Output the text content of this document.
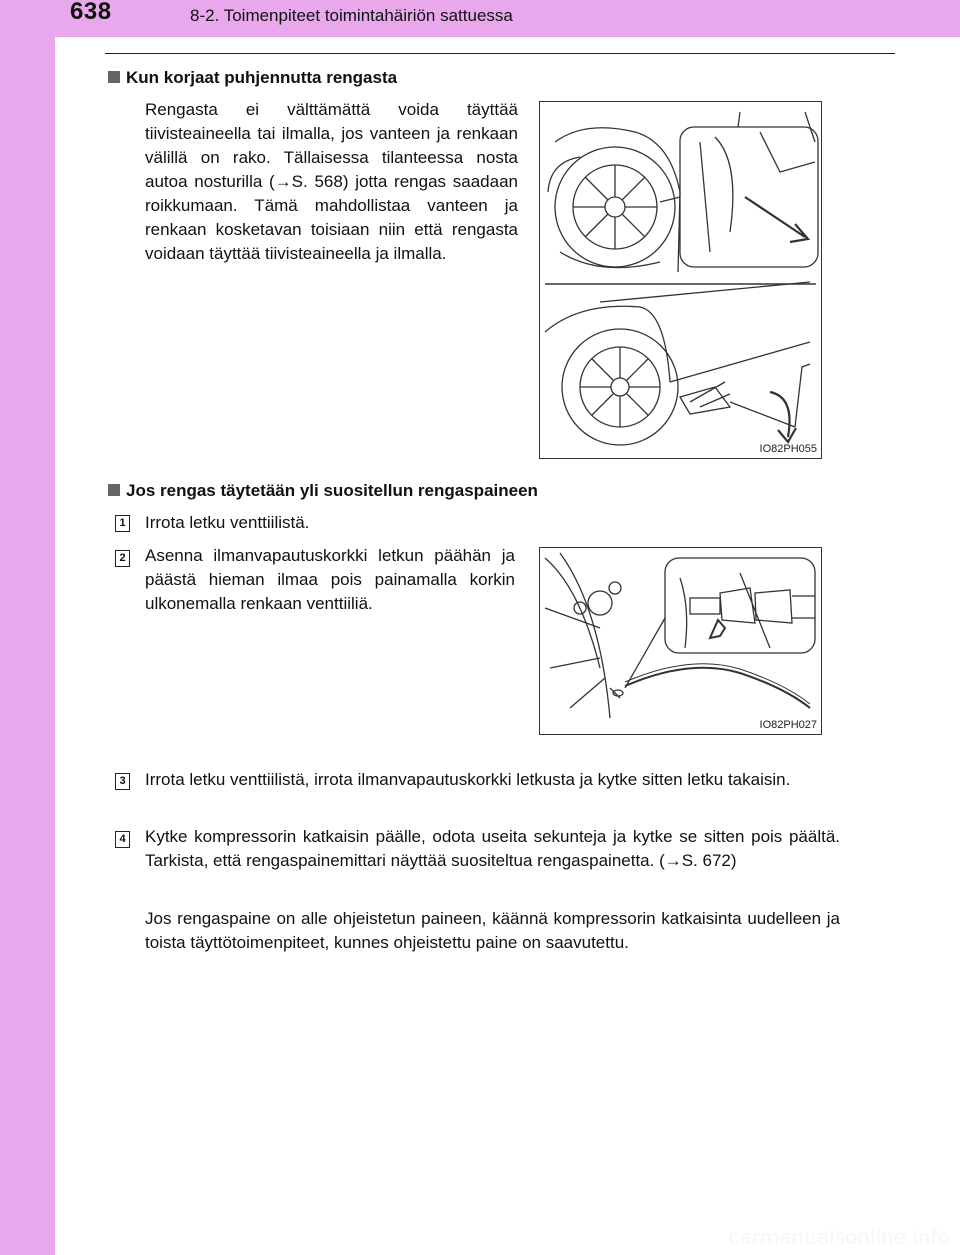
638	8-2. Toimenpiteet toimintahäiriön sattuessa
Kun korjaat puhjennutta rengasta
Rengasta ei välttämättä voida täyttää tiivisteaineella tai ilmalla, jos vanteen ja renkaan välillä on rako. Tällaisessa tilanteessa nosta autoa nosturilla (→S. 568) jotta rengas saadaan roikkumaan. Tämä mahdollistaa vanteen ja renkaan kosketavan toisiaan niin että rengasta voidaan täyttää tiivisteaineella ja ilmalla.
IO82PH055
Jos rengas täytetään yli suositellun rengaspaineen
1 Irrota letku venttiilistä.
2 Asenna ilmanvapautuskorkki letkun päähän ja päästä hieman ilmaa pois painamalla korkin ulkonemalla renkaan venttiiliä.
IO82PH027
3 Irrota letku venttiilistä, irrota ilmanvapautuskorkki letkusta ja kytke sitten letku takaisin.
4 Kytke kompressorin katkaisin päälle, odota useita sekunteja ja kytke se sitten pois päältä. Tarkista, että rengaspainemittari näyttää suositeltua rengaspainetta. (→S. 672)
Jos rengaspaine on alle ohjeistetun paineen, käännä kompressorin katkaisinta uudelleen ja toista täyttötoimenpiteet, kunnes ohjeistettu paine on saavutettu.
carmanualsonline.info
